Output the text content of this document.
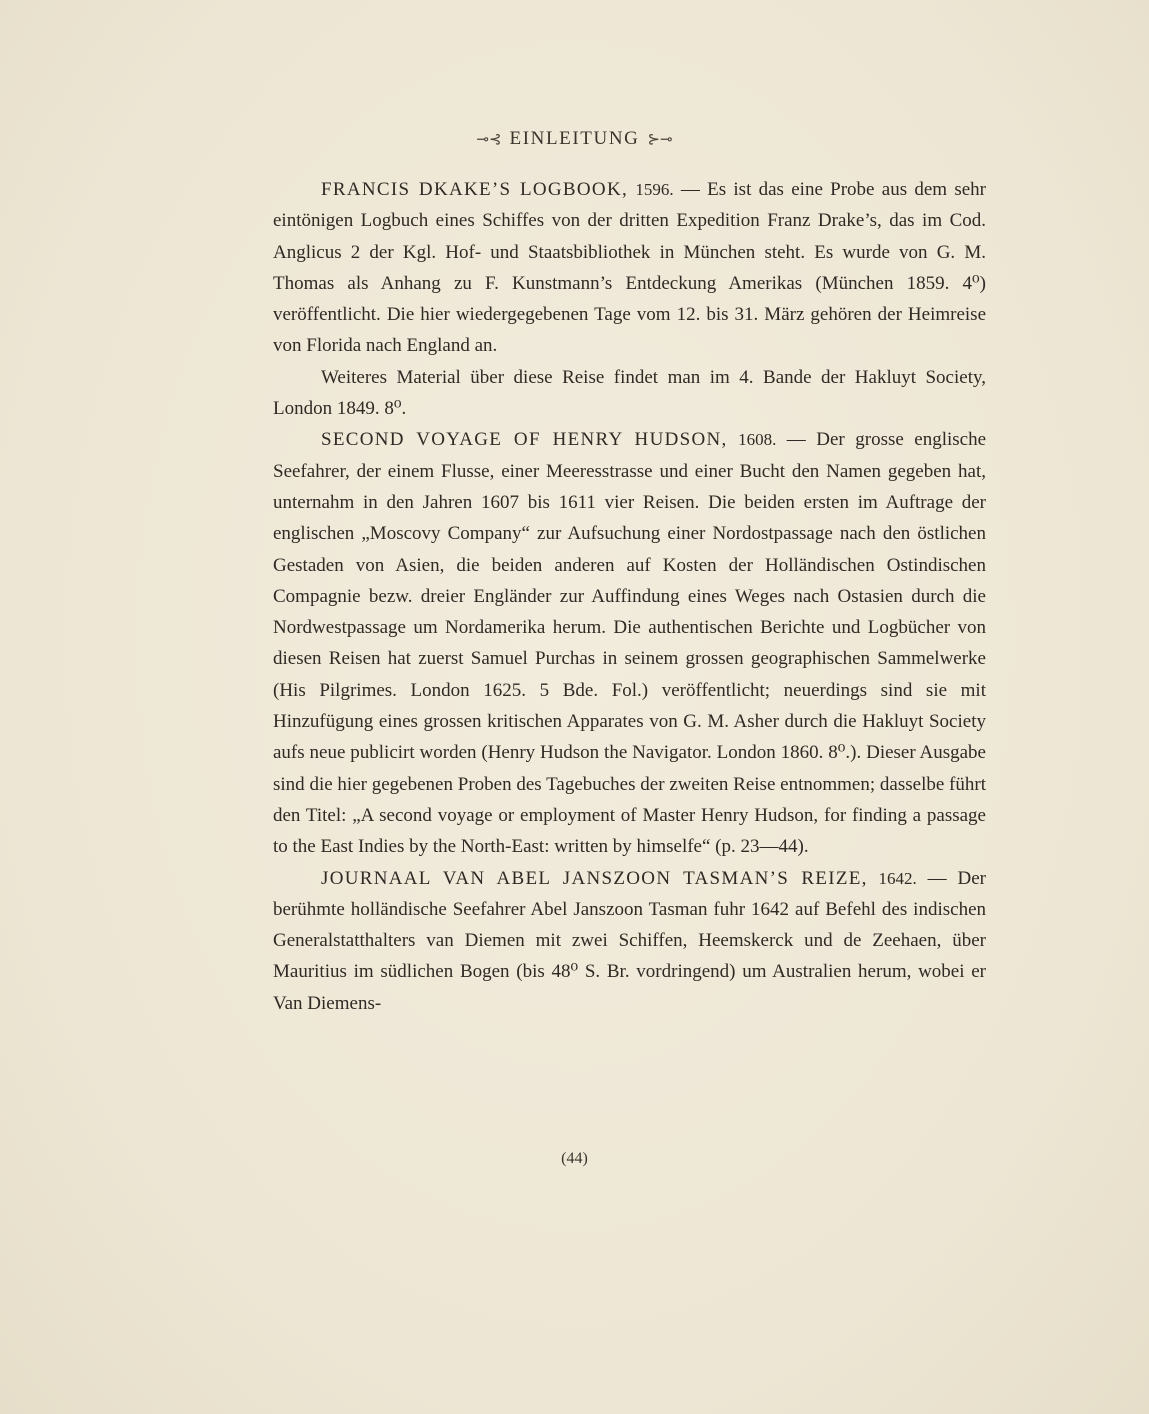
⊸⊰ EINLEITUNG ⊱⊸

FRANCIS DKAKE’S LOGBOOK, 1596. — Es ist das eine Probe aus dem sehr eintönigen Logbuch eines Schiffes von der dritten Expedition Franz Drake’s, das im Cod. Anglicus 2 der Kgl. Hof- und Staatsbibliothek in München steht. Es wurde von G. M. Thomas als Anhang zu F. Kunstmann’s Entdeckung Amerikas (München 1859. 4⁰) veröffentlicht. Die hier wiedergegebenen Tage vom 12. bis 31. März gehören der Heimreise von Florida nach England an.

Weiteres Material über diese Reise findet man im 4. Bande der Hakluyt Society, London 1849. 8⁰.

SECOND VOYAGE OF HENRY HUDSON, 1608. — Der grosse englische Seefahrer, der einem Flusse, einer Meeresstrasse und einer Bucht den Namen gegeben hat, unternahm in den Jahren 1607 bis 1611 vier Reisen. Die beiden ersten im Auftrage der englischen „Moscovy Company“ zur Aufsuchung einer Nordostpassage nach den östlichen Gestaden von Asien, die beiden anderen auf Kosten der Holländischen Ostindischen Compagnie bezw. dreier Engländer zur Auffindung eines Weges nach Ostasien durch die Nordwestpassage um Nordamerika herum. Die authentischen Berichte und Logbücher von diesen Reisen hat zuerst Samuel Purchas in seinem grossen geographischen Sammelwerke (His Pilgrimes. London 1625. 5 Bde. Fol.) veröffentlicht; neuerdings sind sie mit Hinzufügung eines grossen kritischen Apparates von G. M. Asher durch die Hakluyt Society aufs neue publicirt worden (Henry Hudson the Navigator. London 1860. 8⁰.). Dieser Ausgabe sind die hier gegebenen Proben des Tagebuches der zweiten Reise entnommen; dasselbe führt den Titel: „A second voyage or employment of Master Henry Hudson, for finding a passage to the East Indies by the North-East: written by himselfe“ (p. 23—44).

JOURNAAL VAN ABEL JANSZOON TASMAN’S REIZE, 1642. — Der berühmte holländische Seefahrer Abel Janszoon Tasman fuhr 1642 auf Befehl des indischen Generalstatthalters van Diemen mit zwei Schiffen, Heemskerck und de Zeehaen, über Mauritius im südlichen Bogen (bis 48⁰ S. Br. vordringend) um Australien herum, wobei er Van Diemens-

(44)
